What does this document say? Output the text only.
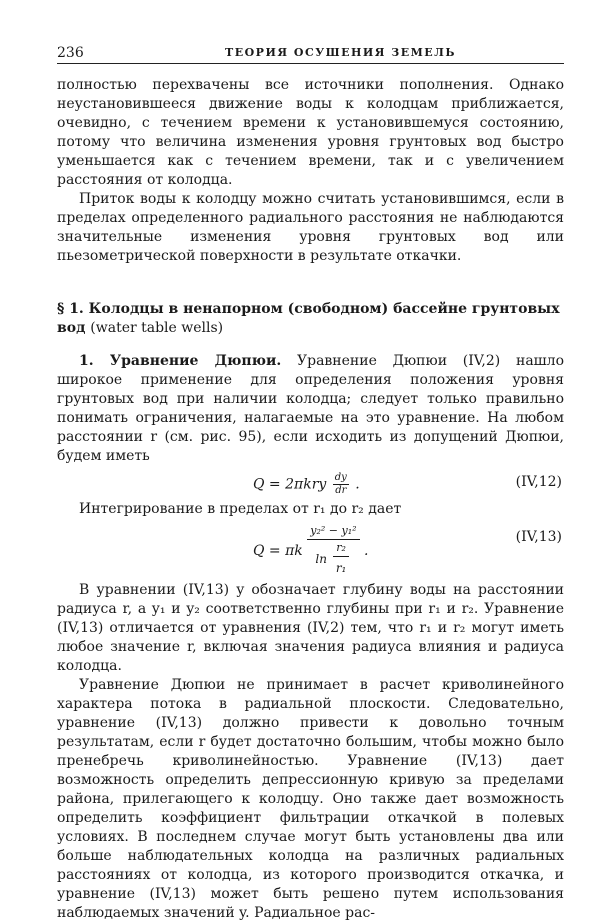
236	ТЕОРИЯ ОСУШЕНИЯ ЗЕМЕЛЬ

полностью перехвачены все источники пополнения. Однако неустановившееся движение воды к колодцам приближается, очевидно, с течением времени к установившемуся состоянию, потому что величина изменения уровня грунтовых вод быстро уменьшается как с течением времени, так и с увеличением расстояния от колодца.

Приток воды к колодцу можно считать установившимся, если в пределах определенного радиального расстояния не наблюдаются значительные изменения уровня грунтовых вод или пьезометрической поверхности в результате откачки.

§ 1. Колодцы в ненапорном (свободном) бассейне грунтовых вод (water table wells)

1. Уравнение Дюпюи. Уравнение Дюпюи (IV,2) нашло широкое применение для определения положения уровня грунтовых вод при наличии колодца; следует только правильно понимать ограничения, налагаемые на это уравнение. На любом расстоянии r (см. рис. 95), если исходить из допущений Дюпюи, будем иметь

$Q = 2\pi kry \frac{dy}{dr}$ .	(IV,12)

Интегрирование в пределах от r₁ до r₂ дает

Q = πk $\frac{\text{y₂² − y₁²}}{\ln \frac{\text{r₂}}{\text{r₁}}}$ .
(IV,13)

В уравнении (IV,13) y обозначает глубину воды на расстоянии радиуса r, а y₁ и y₂ соответственно глубины при r₁ и r₂. Уравнение (IV,13) отличается от уравнения (IV,2) тем, что r₁ и r₂ могут иметь любое значение r, включая значения радиуса влияния и радиуса колодца.

Уравнение Дюпюи не принимает в расчет криволинейного характера потока в радиальной плоскости. Следовательно, уравнение (IV,13) должно привести к довольно точным результатам, если r будет достаточно большим, чтобы можно было пренебречь криволинейностью. Уравнение (IV,13) дает возможность определить депрессионную кривую за пределами района, прилегающего к колодцу. Оно также дает возможность определить коэффициент фильтрации откачкой в полевых условиях. В последнем случае могут быть установлены два или больше наблюдательных колодца на различных радиальных расстояниях от колодца, из которого производится откачка, и уравнение (IV,13) может быть решено путем использования наблюдаемых значений y. Радиальное рас-
